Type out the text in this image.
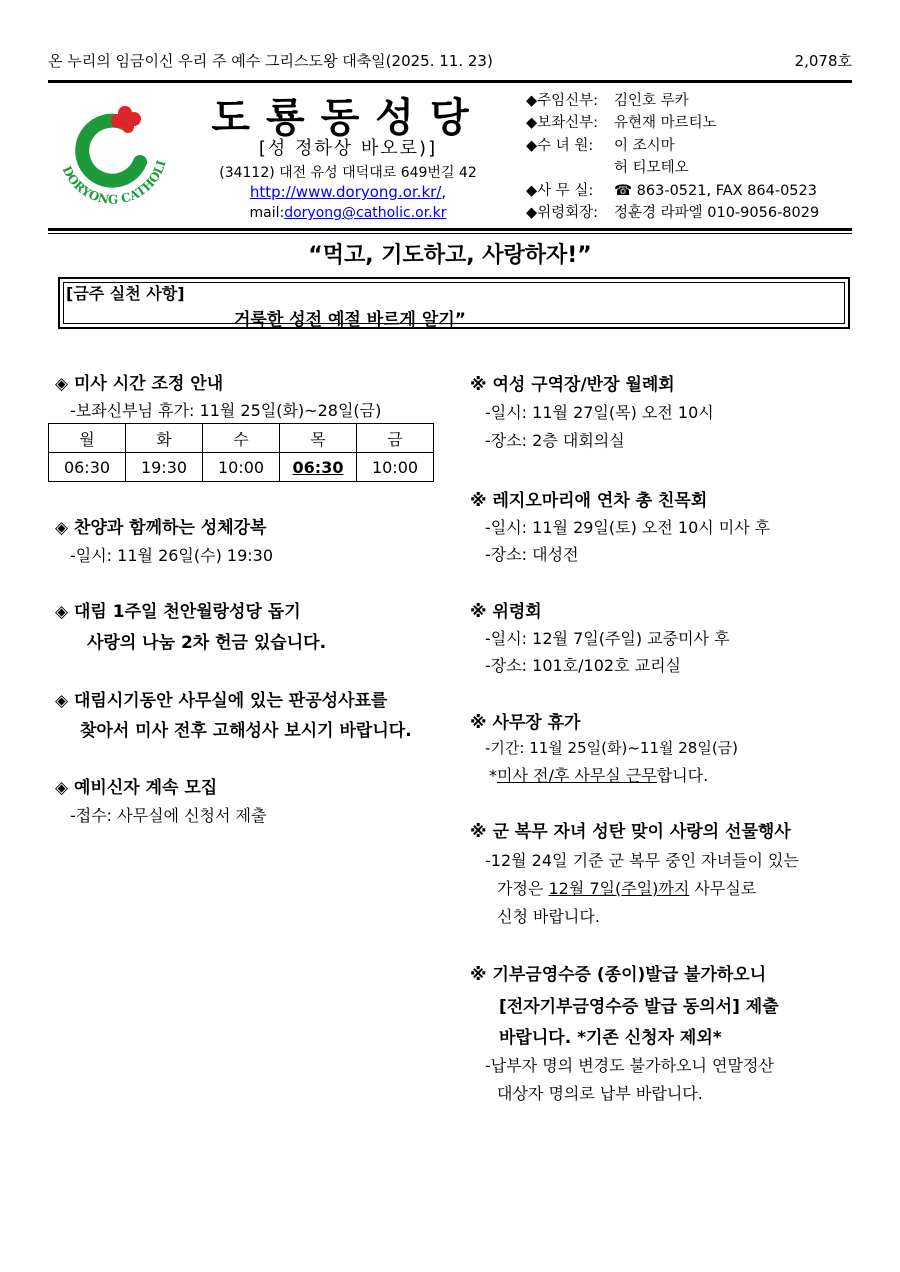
온 누리의 임금이신 우리 주 예수 그리스도왕 대축일(2025. 11. 23)	2,078호
DORYONG CATHOLI
도룡동성당
[성 정하상 바오로)]
(34112) 대전 유성 대덕대로 649번길 42
http://www.doryong.or.kr/,
mail:doryong@catholic.or.kr
◆주임신부:	김인호 루카
◆보좌신부:	유현재 마르티노
◆수 녀 원:	이 조시마
허 티모테오
◆사 무 실:	☎ 863-0521, FAX 864-0523
◆위령회장:	정훈경 라파엘 010-9056-8029
“먹고, 기도하고, 사랑하자!”
[금주 실천 사항]
거룩한 성전 예절 바르게 알기”
◈ 미사 시간 조정 안내
-보좌신부님 휴가: 11월 25일(화)~28일(금)
월	화	수	목	금
06:30	19:30	10:00	06:30	10:00
◈ 찬양과 함께하는 성체강복
-일시: 11월 26일(수) 19:30
◈ 대림 1주일 천안월랑성당 돕기
사랑의 나눔 2차 헌금 있습니다.
◈ 대림시기동안 사무실에 있는 판공성사표를
찾아서 미사 전후 고해성사 보시기 바랍니다.
◈ 예비신자 계속 모집
-접수: 사무실에 신청서 제출
※ 여성 구역장/반장 월례회
-일시: 11월 27일(목) 오전 10시
-장소: 2층 대회의실
※ 레지오마리애 연차 총 친목회
-일시: 11월 29일(토) 오전 10시 미사 후
-장소: 대성전
※ 위령회
-일시: 12월 7일(주일) 교중미사 후
-장소: 101호/102호 교리실
※ 사무장 휴가
-기간: 11월 25일(화)~11월 28일(금)
*미사 전/후 사무실 근무합니다.
※ 군 복무 자녀 성탄 맞이 사랑의 선물행사
-12월 24일 기준 군 복무 중인 자녀들이 있는
가정은 12월 7일(주일)까지 사무실로
신청 바랍니다.
※ 기부금영수증 (종이)발급 불가하오니
[전자기부금영수증 발급 동의서] 제출
바랍니다. *기존 신청자 제외*
-납부자 명의 변경도 불가하오니 연말정산
대상자 명의로 납부 바랍니다.
